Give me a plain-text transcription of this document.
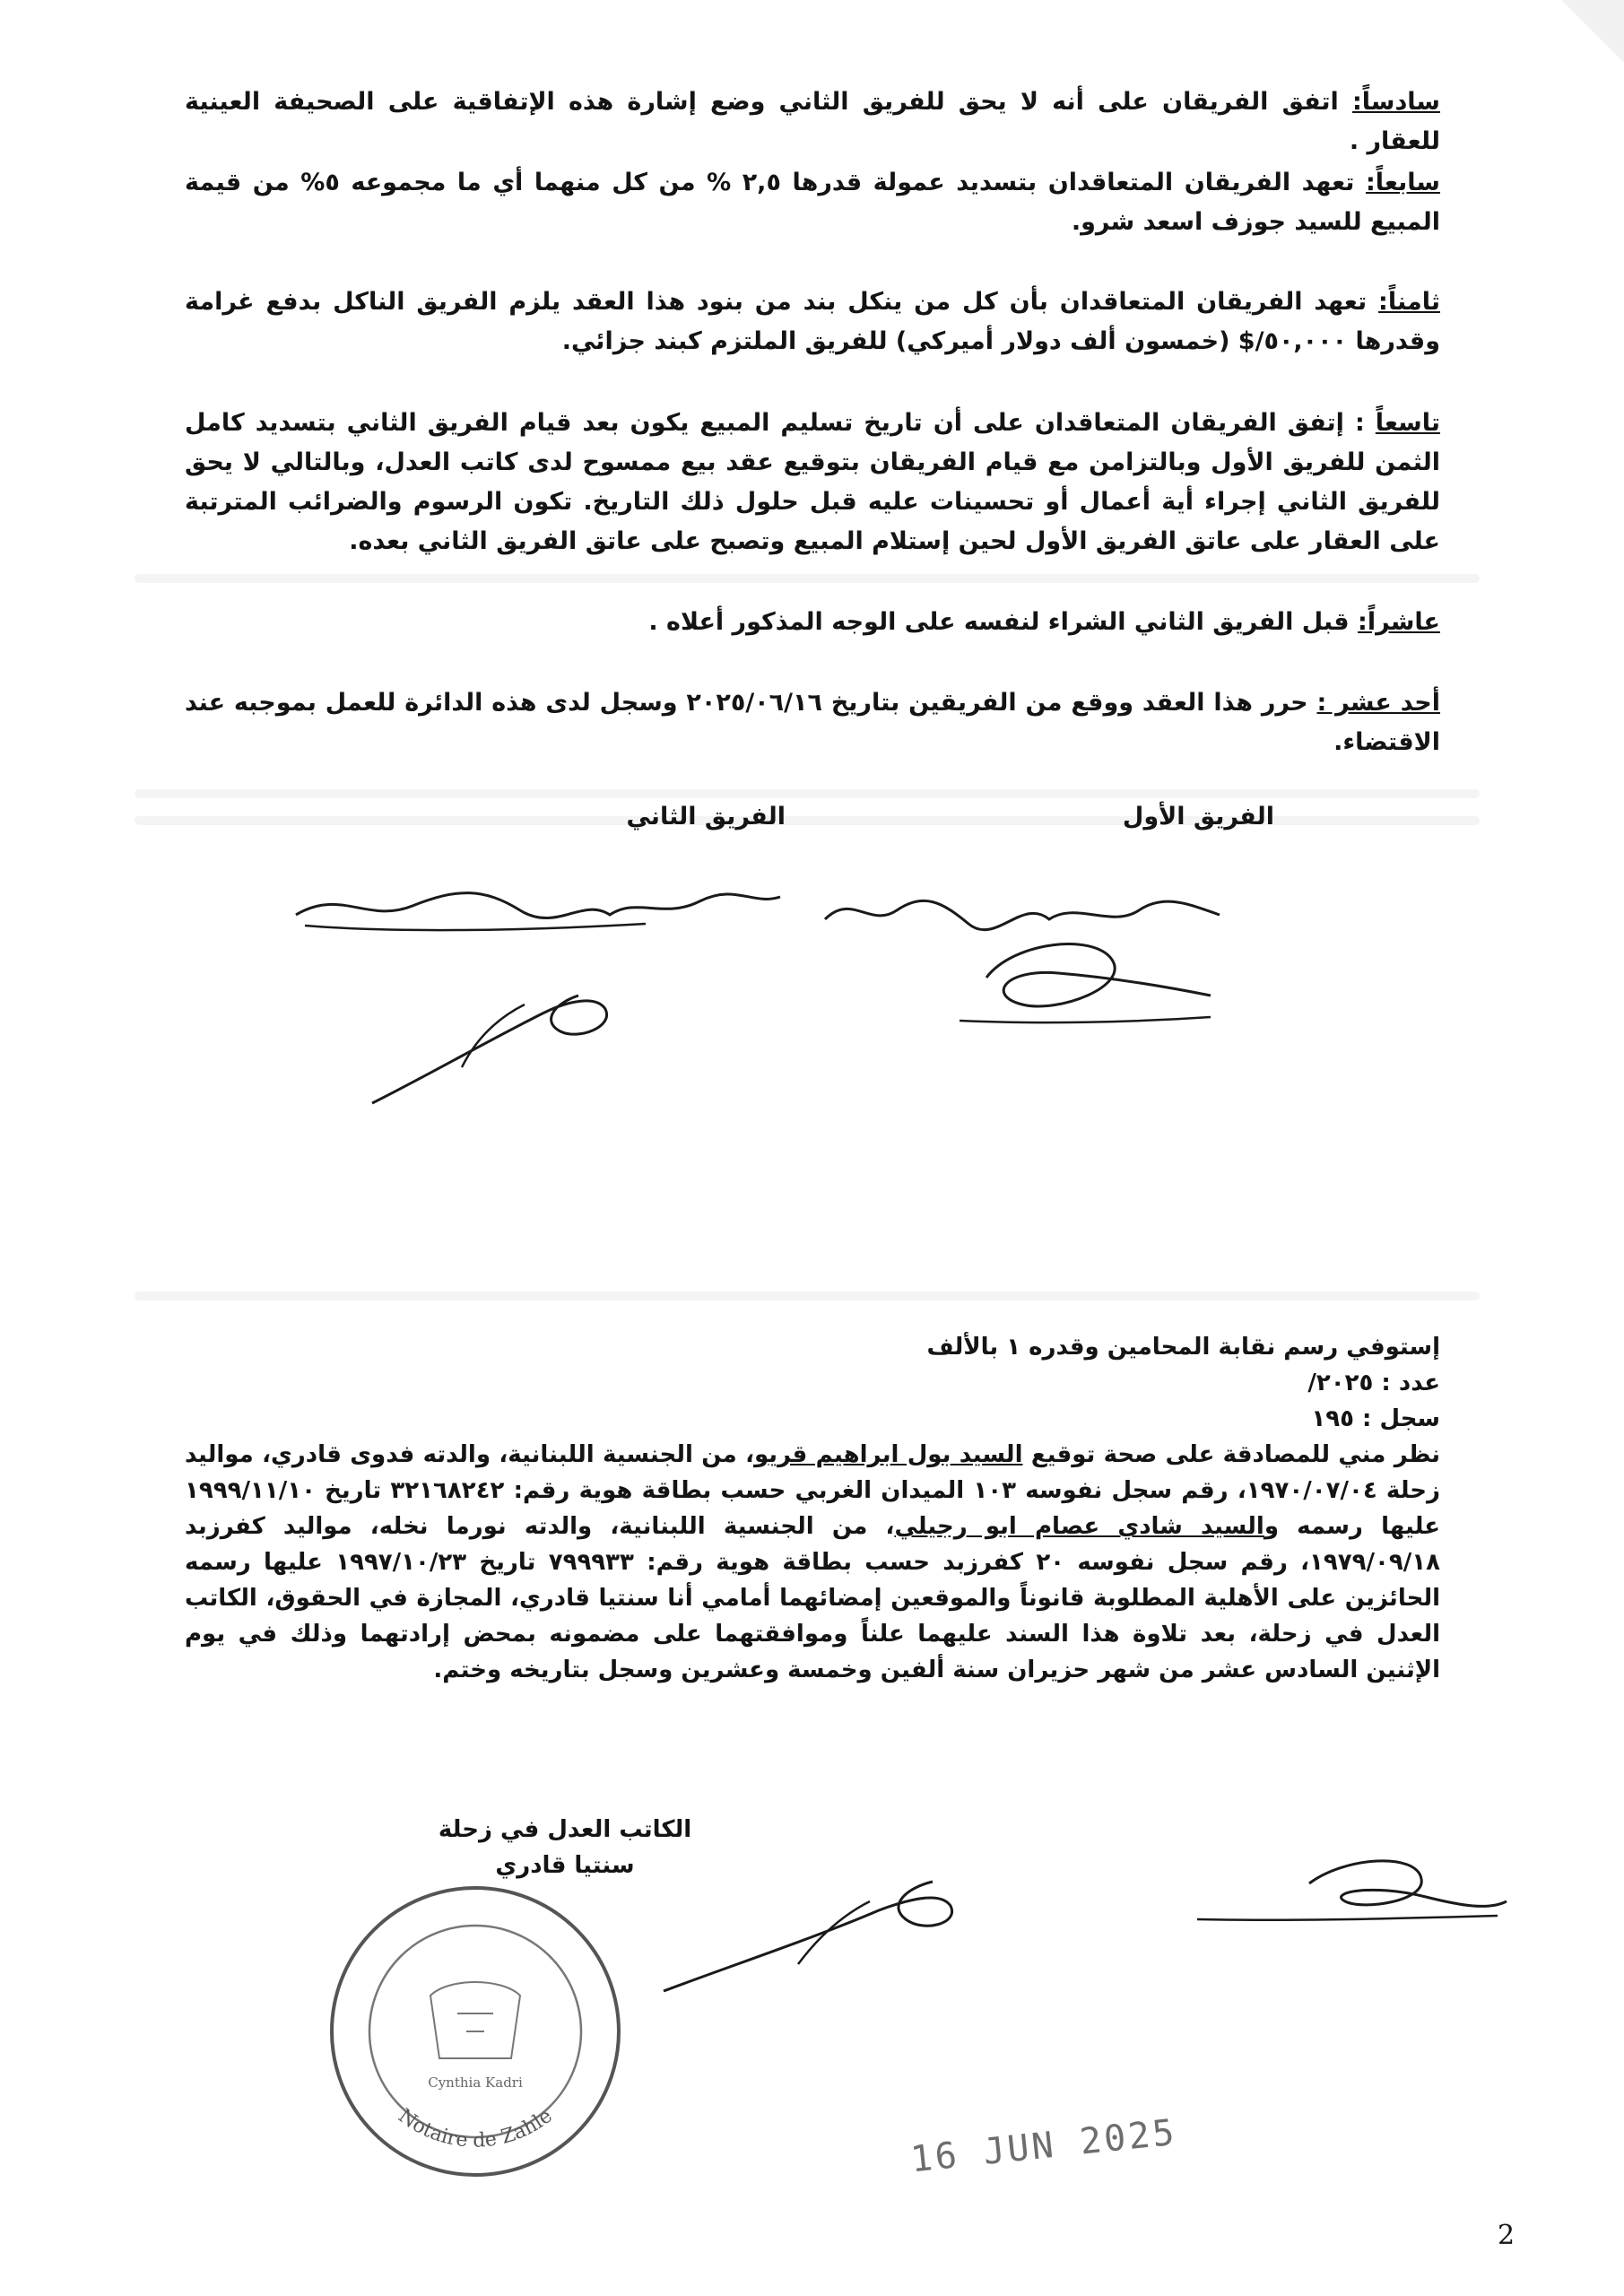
سادساً: اتفق الفريقان على أنه لا يحق للفريق الثاني وضع إشارة هذه الإتفاقية على الصحيفة العينية للعقار .
سابعاً: تعهد الفريقان المتعاقدان بتسديد عمولة قدرها ٢,٥ % من كل منهما أي ما مجموعه ٥% من قيمة المبيع للسيد جوزف اسعد شرو.
ثامناً: تعهد الفريقان المتعاقدان بأن كل من ينكل بند من بنود هذا العقد يلزم الفريق الناكل بدفع غرامة وقدرها ٥٠,٠٠٠/$ (خمسون ألف دولار أميركي) للفريق الملتزم كبند جزائي.
تاسعاً : إتفق الفريقان المتعاقدان على أن تاريخ تسليم المبيع يكون بعد قيام الفريق الثاني بتسديد كامل الثمن للفريق الأول وبالتزامن مع قيام الفريقان بتوقيع عقد بيع ممسوح لدى كاتب العدل، وبالتالي لا يحق للفريق الثاني إجراء أية أعمال أو تحسينات عليه قبل حلول ذلك التاريخ. تكون الرسوم والضرائب المترتبة على العقار على عاتق الفريق الأول لحين إستلام المبيع وتصبح على عاتق الفريق الثاني بعده.
عاشراً: قبل الفريق الثاني الشراء لنفسه على الوجه المذكور أعلاه .
أحد عشر : حرر هذا العقد ووقع من الفريقين بتاريخ ٢٠٢٥/٠٦/١٦ وسجل لدى هذه الدائرة للعمل بموجبه عند الاقتضاء.
الفريق الأول
الفريق الثاني
إستوفي رسم نقابة المحامين وقدره ١ بالألف
عدد : ٢٠٢٥/
سجل : ١٩٥
نظر مني للمصادقة على صحة توقيع السيد بول ابراهيم قريو، من الجنسية اللبنانية، والدته فدوى قادري، مواليد زحلة ١٩٧٠/٠٧/٠٤، رقم سجل نفوسه ١٠٣ الميدان الغربي حسب بطاقة هوية رقم: ٣٢١٦٨٢٤٢ تاريخ ١٩٩٩/١١/١٠ عليها رسمه والسيد شادي عصام ابو رجيلي، من الجنسية اللبنانية، والدته نورما نخله، مواليد كفرزبد ١٩٧٩/٠٩/١٨، رقم سجل نفوسه ٢٠ كفرزبد حسب بطاقة هوية رقم: ٧٩٩٩٣٣ تاريخ ١٩٩٧/١٠/٢٣ عليها رسمه الحائزين على الأهلية المطلوبة قانوناً والموقعين إمضائهما أمامي أنا سنتيا قادري، المجازة في الحقوق، الكاتب العدل في زحلة، بعد تلاوة هذا السند عليهما علناً وموافقتهما على مضمونه بمحض إرادتهما وذلك في يوم الإثنين السادس عشر من شهر حزيران سنة ألفين وخمسة وعشرين وسجل بتاريخه وختم.
الكاتب العدل في زحلة
سنتيا قادري
Notaire de Zahle
Cynthia Kadri
16 JUN 2025
2
